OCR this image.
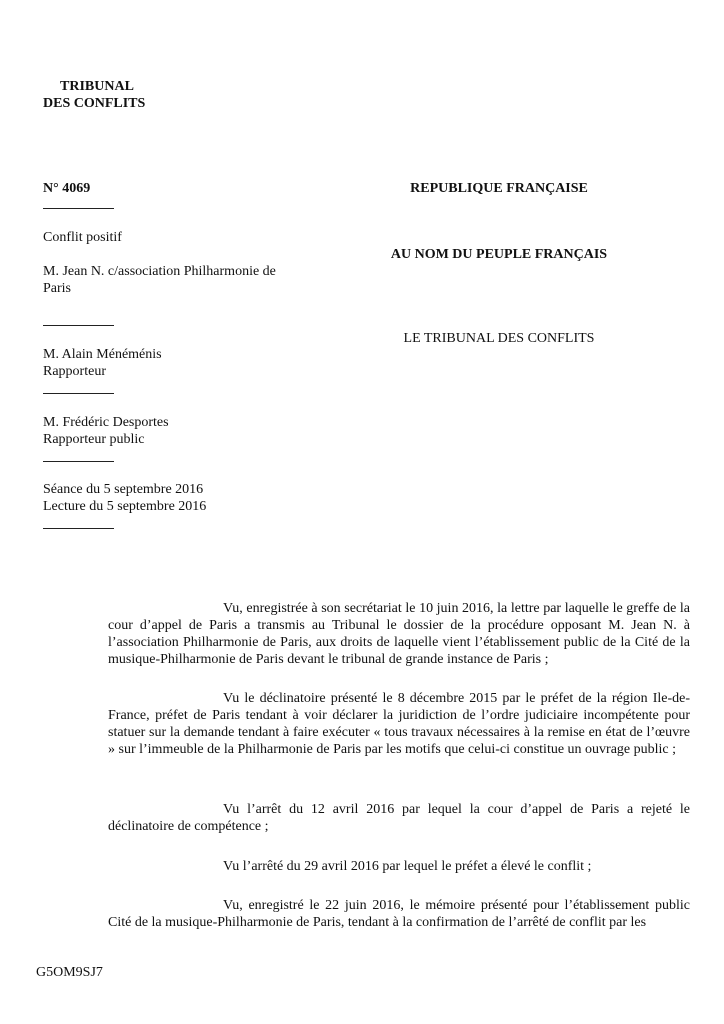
TRIBUNAL
DES CONFLITS
N° 4069
Conflit positif
M. Jean N. c/association Philharmonie de
Paris
M. Alain Ménéménis
Rapporteur
M. Frédéric Desportes
Rapporteur public
Séance du 5 septembre 2016
Lecture du 5 septembre 2016
REPUBLIQUE FRANÇAISE
AU NOM DU PEUPLE FRANÇAIS
LE TRIBUNAL DES CONFLITS
Vu, enregistrée à son secrétariat le 10 juin 2016, la lettre par laquelle le greffe de la cour d’appel de Paris a transmis au Tribunal le dossier de la procédure opposant M. Jean N. à l’association Philharmonie de Paris, aux droits de laquelle vient l’établissement public de la Cité de la musique-Philharmonie de Paris devant le tribunal de grande instance de Paris ;
Vu le déclinatoire présenté le 8 décembre 2015 par le préfet de la région Ile-de-France, préfet de Paris tendant à voir déclarer la juridiction de l’ordre judiciaire incompétente pour statuer sur la demande tendant à faire exécuter « tous travaux nécessaires à la remise en état de l’œuvre » sur l’immeuble de la Philharmonie de Paris par les motifs que celui-ci constitue un ouvrage public ;
Vu l’arrêt du 12 avril 2016 par lequel la cour d’appel de Paris a rejeté le déclinatoire de compétence ;
Vu l’arrêté du 29 avril 2016 par lequel le préfet a élevé le conflit ;
Vu, enregistré le 22 juin 2016, le mémoire présenté pour l’établissement public Cité de la musique-Philharmonie de Paris, tendant à la confirmation de l’arrêté de conflit par les
G5OM9SJ7
